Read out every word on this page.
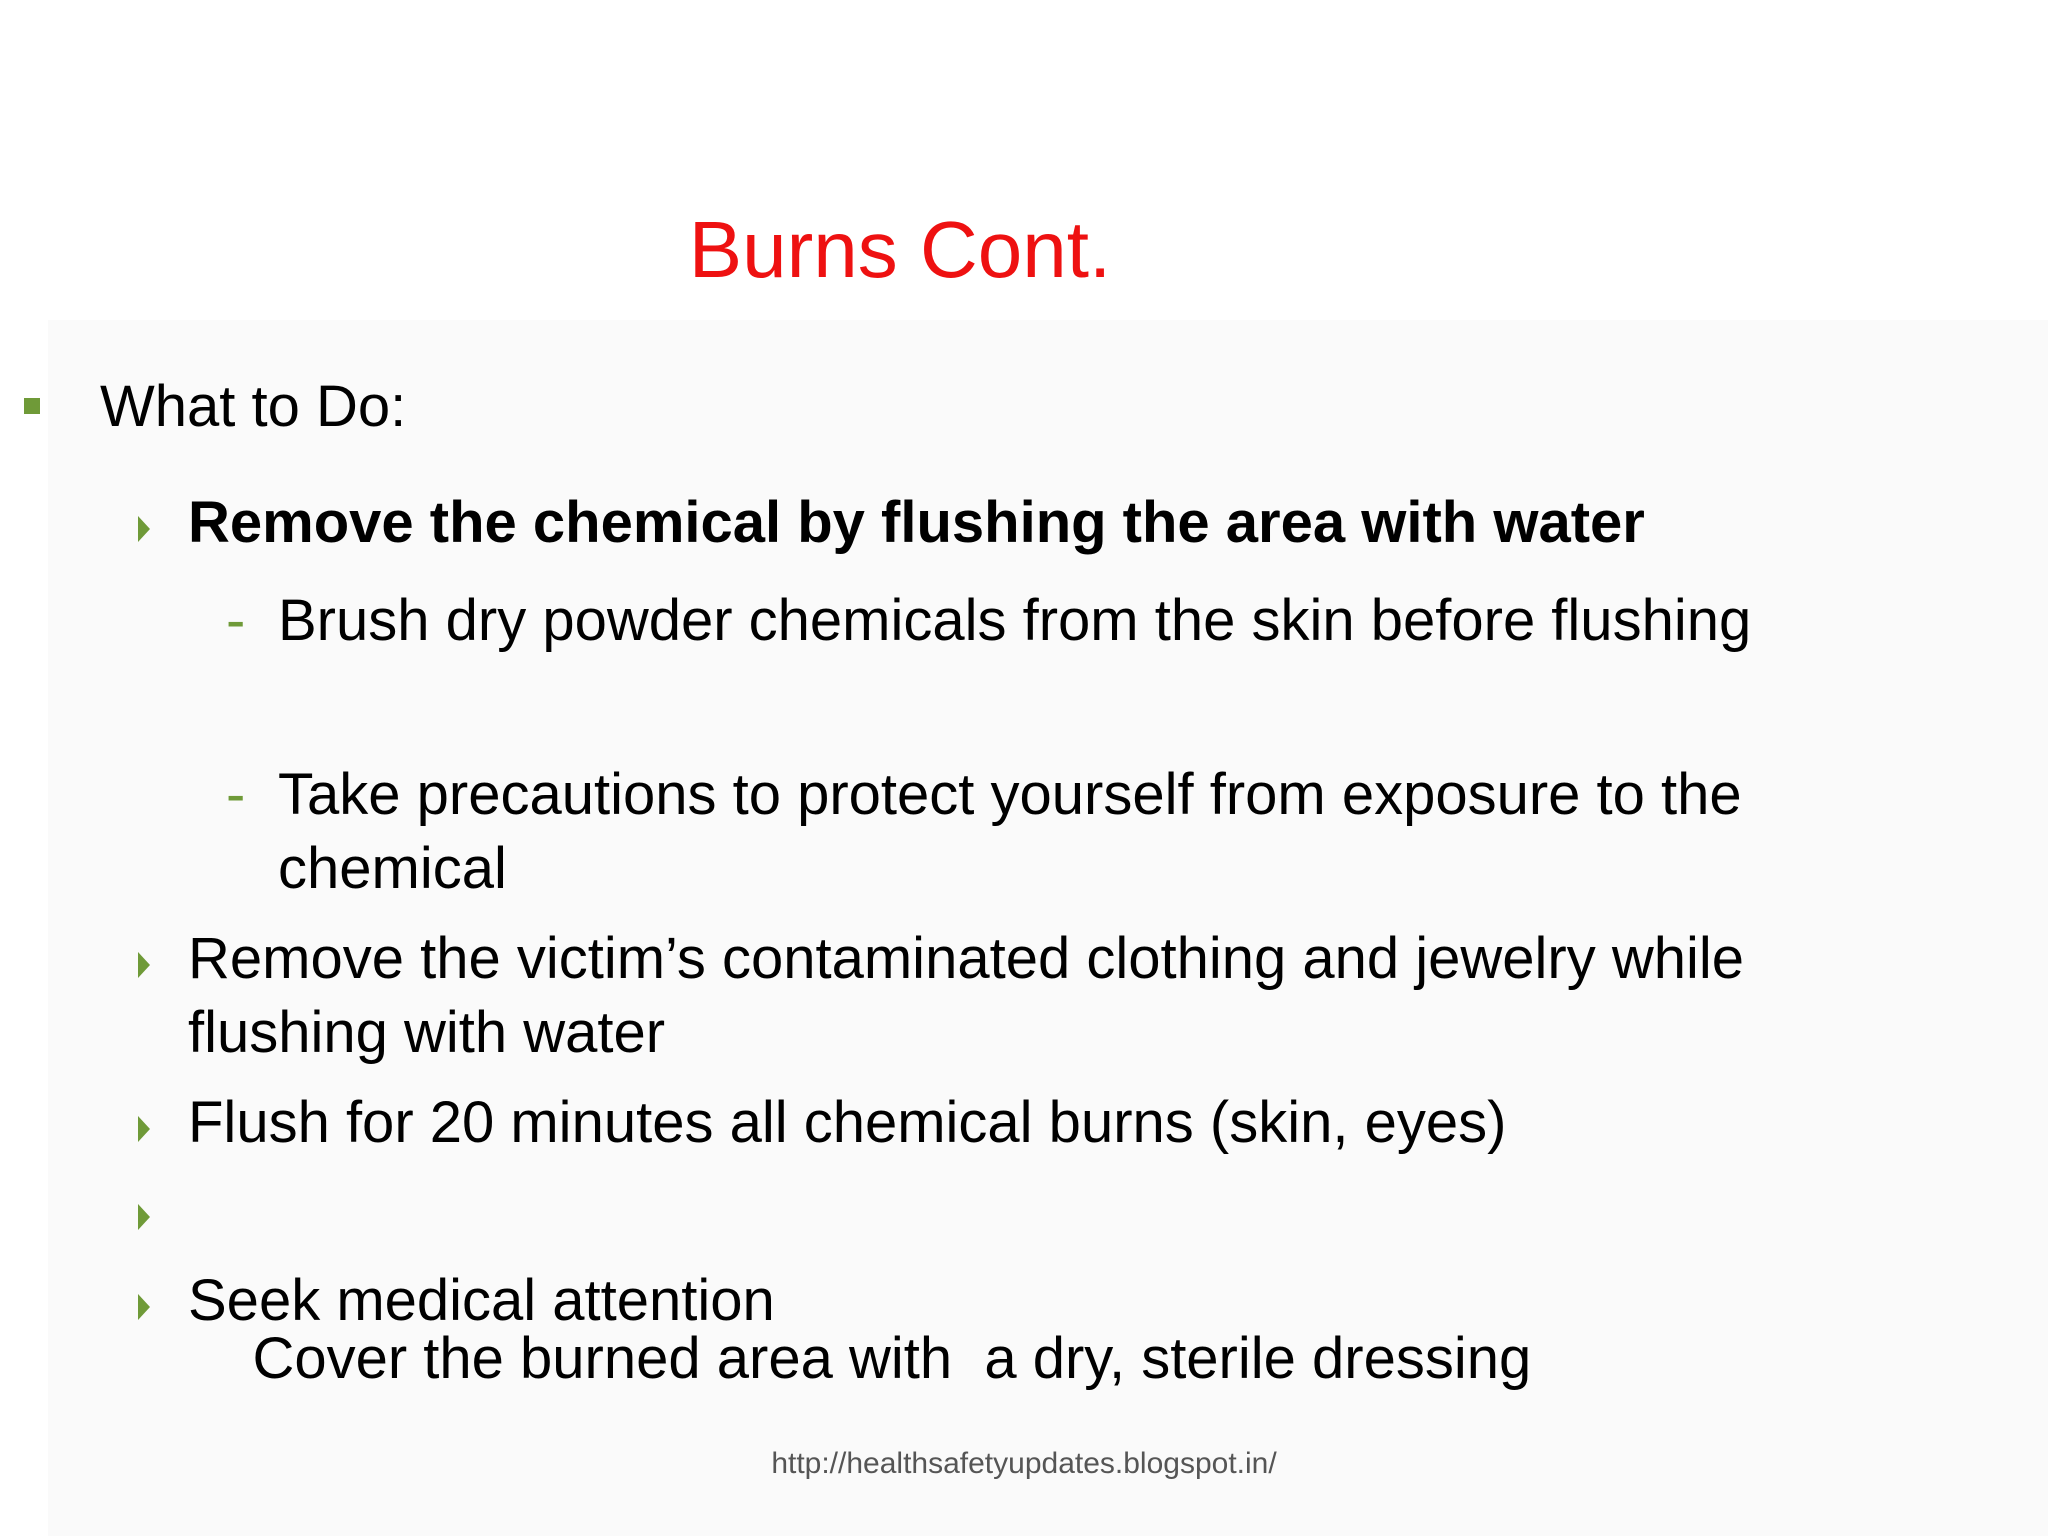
Burns Cont.
What to Do:
Remove the chemical by flushing the area with water
- Brush dry powder chemicals from the skin before flushing
- Take precautions to protect yourself from exposure to the chemical
Remove the victim’s contaminated clothing and jewelry while flushing with water
Flush for 20 minutes all chemical burns (skin, eyes)

Cover the burned area with  a dry, sterile dressing

Seek medical attention
http://healthsafetyupdates.blogspot.in/
